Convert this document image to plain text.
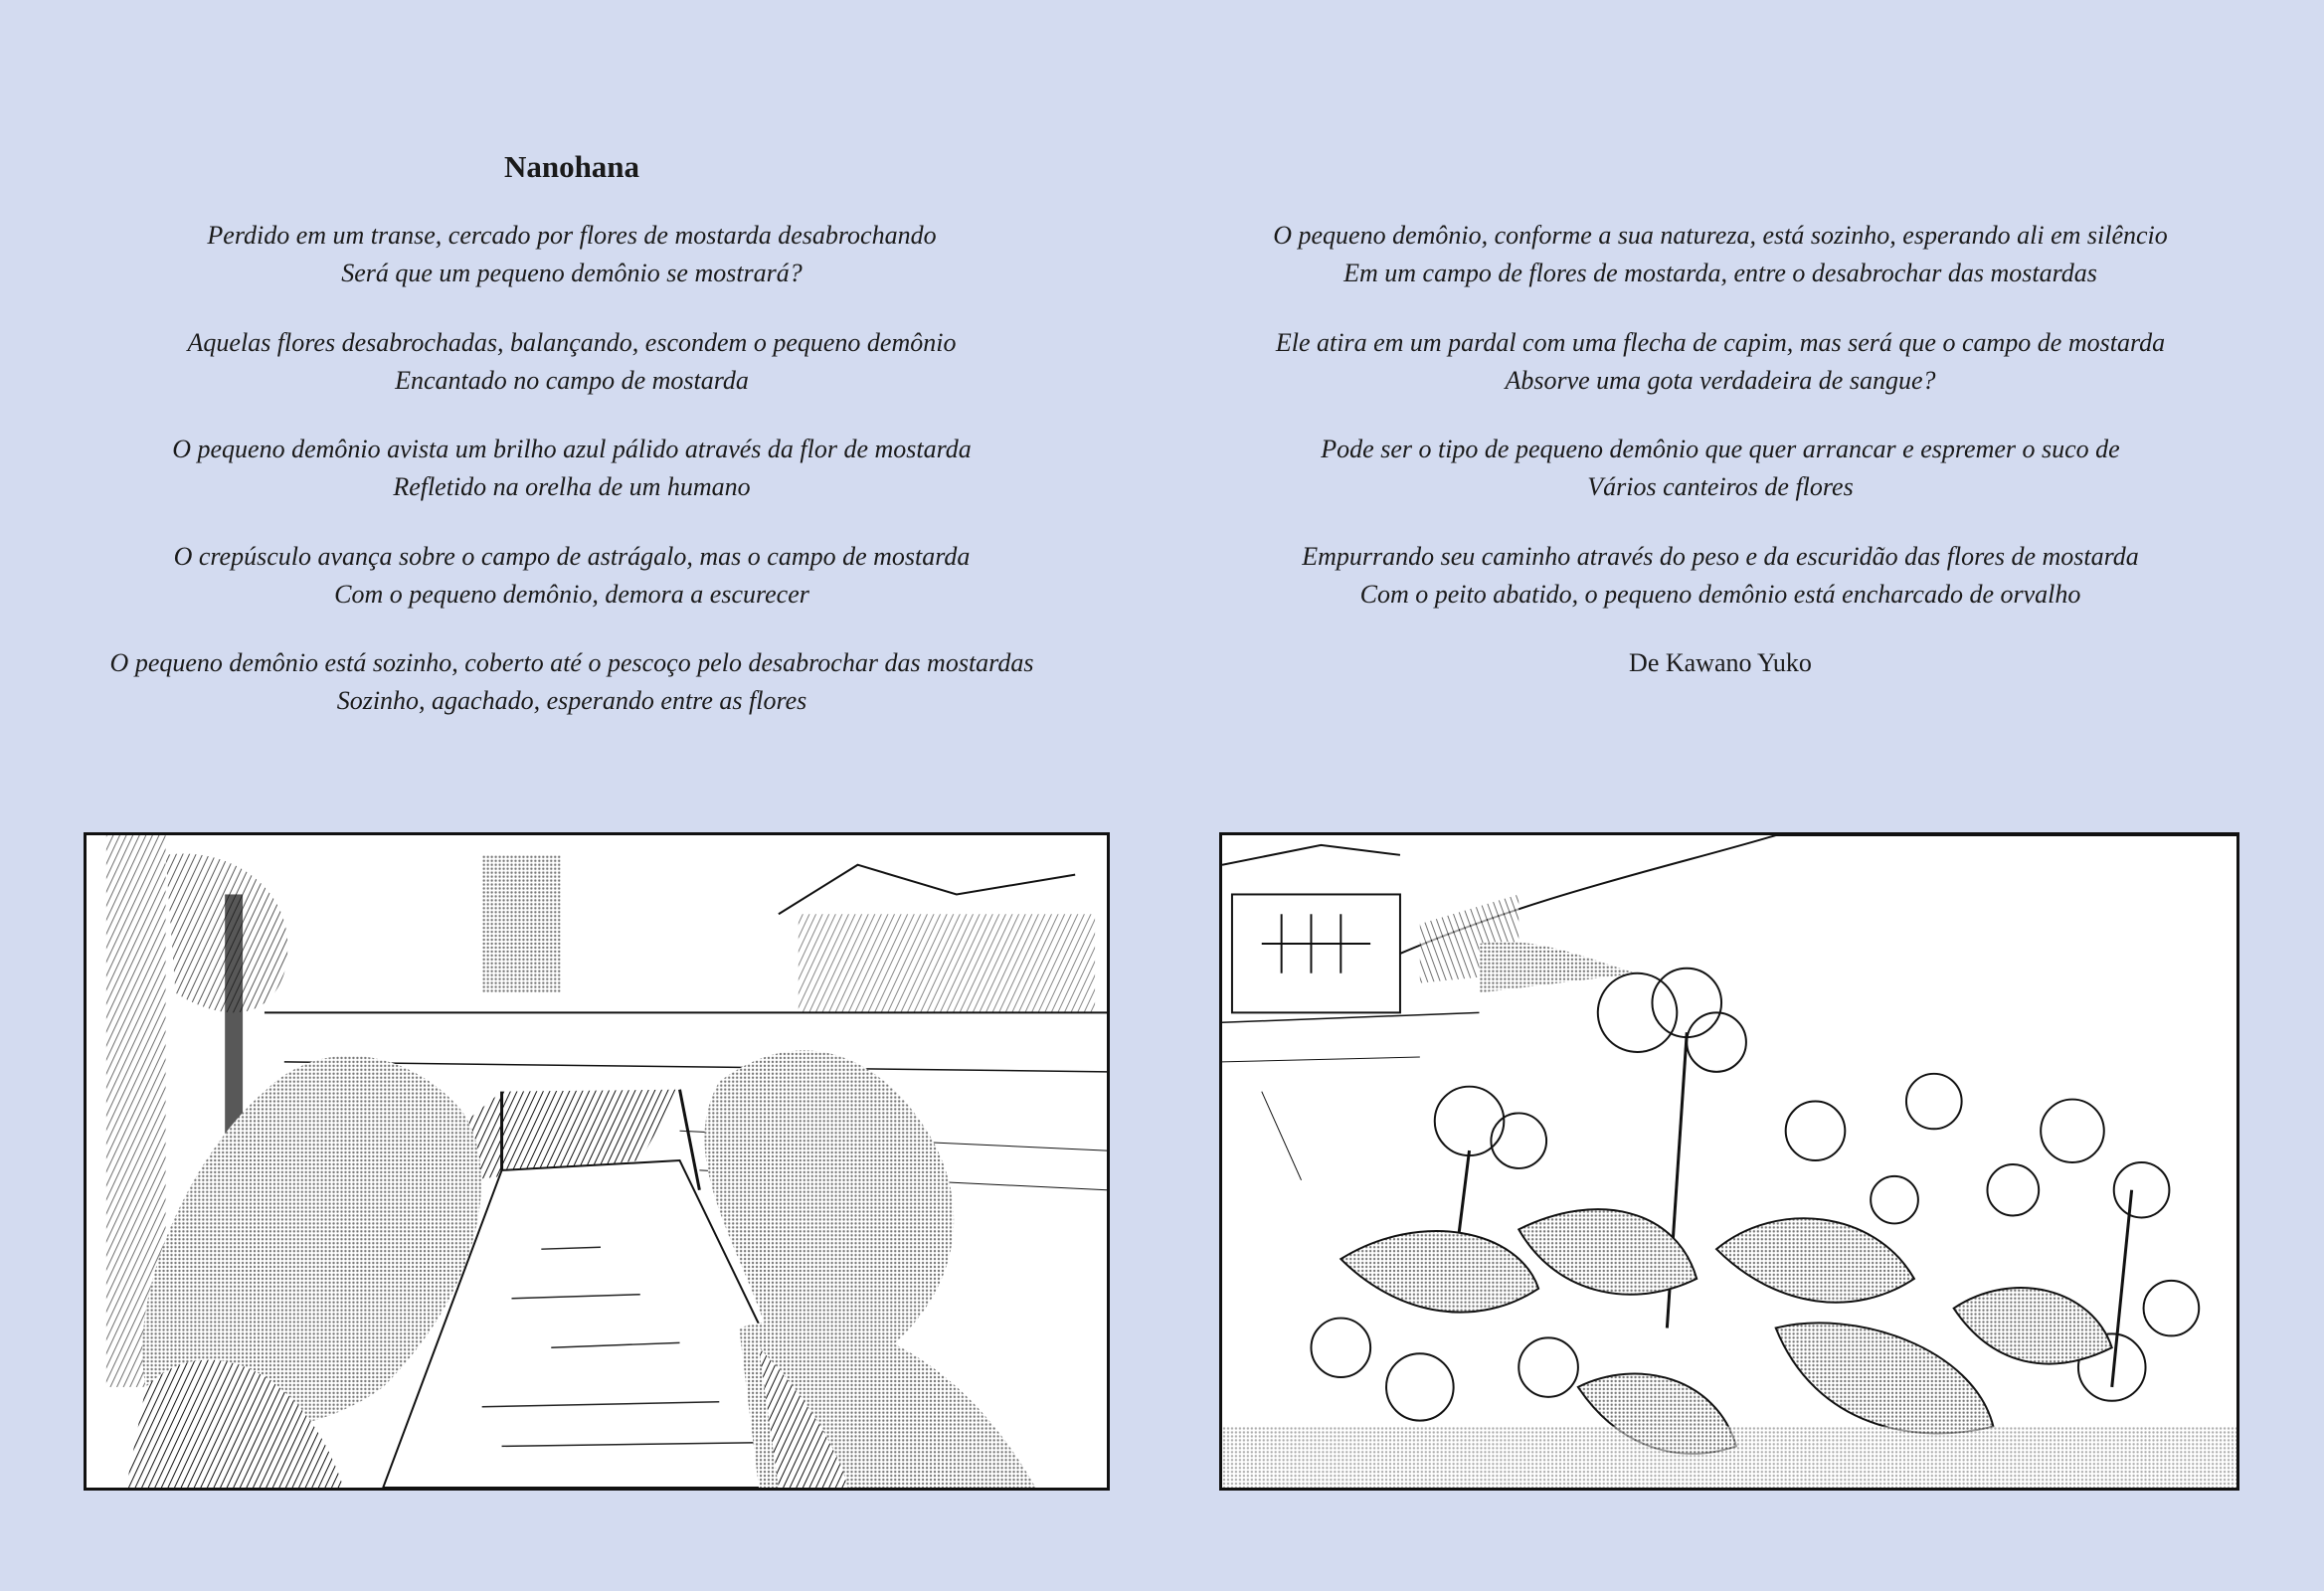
Nanohana
Perdido em um transe, cercado por flores de mostarda desabrochando
Será que um pequeno demônio se mostrará?
Aquelas flores desabrochadas, balançando, escondem o pequeno demônio
Encantado no campo de mostarda
O pequeno demônio avista um brilho azul pálido através da flor de mostarda
Refletido na orelha de um humano
O crepúsculo avança sobre o campo de astrágalo, mas o campo de mostarda
Com o pequeno demônio, demora a escurecer
O pequeno demônio está sozinho, coberto até o pescoço pelo desabrochar das mostardas
Sozinho, agachado, esperando entre as flores
O pequeno demônio, conforme a sua natureza, está sozinho, esperando ali em silêncio
Em um campo de flores de mostarda, entre o desabrochar das mostardas
Ele atira em um pardal com uma flecha de capim, mas será que o campo de mostarda
Absorve uma gota verdadeira de sangue?
Pode ser o tipo de pequeno demônio que quer arrancar e espremer o suco de
Vários canteiros de flores
Empurrando seu caminho através do peso e da escuridão das flores de mostarda
Com o peito abatido, o pequeno demônio está encharcado de orvalho
De Kawano Yuko
